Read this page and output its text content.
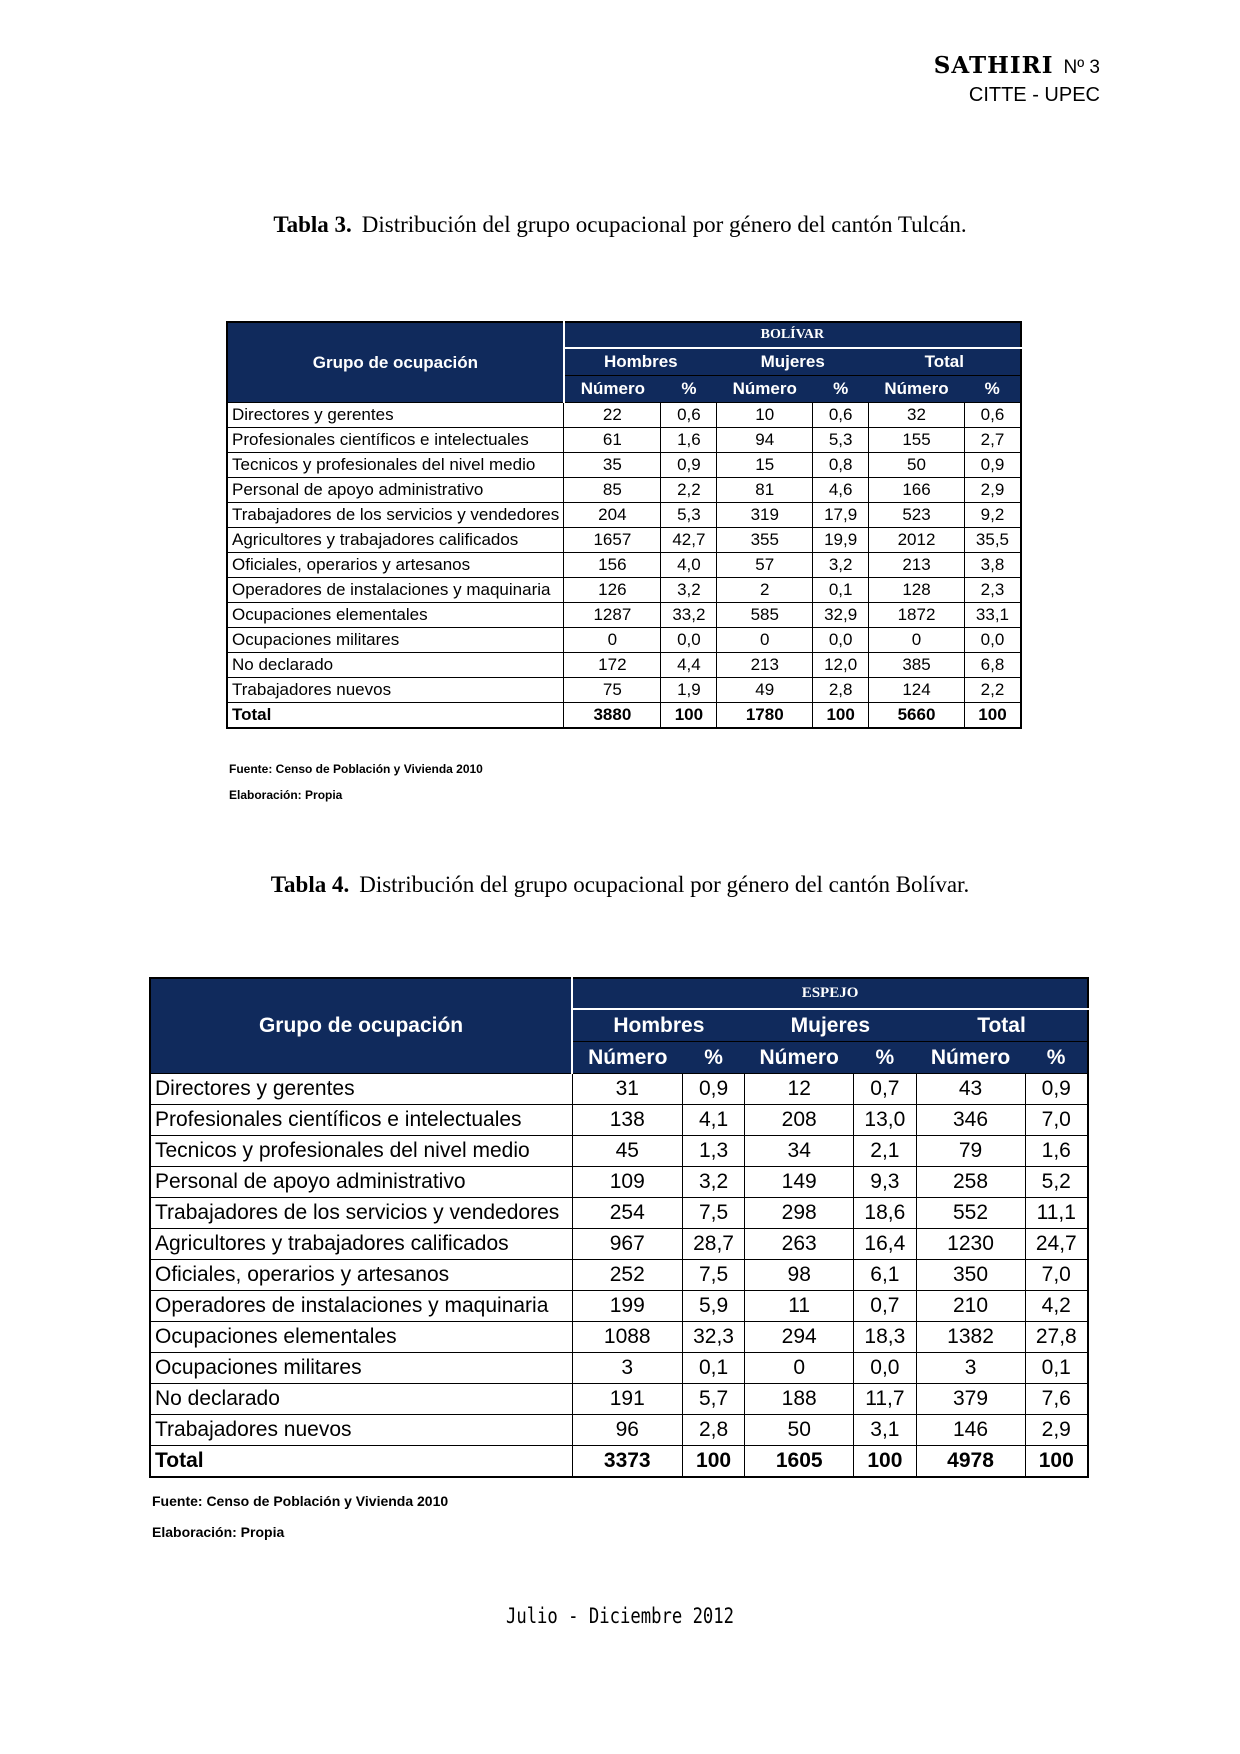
SATHIRI Nº 3
CITTE - UPEC
Tabla 3. Distribución del grupo ocupacional por género del cantón Tulcán.
Grupo de ocupación	BOLÍVAR					
	Hombres		Mujeres		Total	
	Número	%	Número	%	Número	%
Directores y gerentes	22	0,6	10	0,6	32	0,6
Profesionales científicos e intelectuales	61	1,6	94	5,3	155	2,7
Tecnicos y profesionales del nivel medio	35	0,9	15	0,8	50	0,9
Personal de apoyo administrativo	85	2,2	81	4,6	166	2,9
Trabajadores de los servicios y vendedores	204	5,3	319	17,9	523	9,2
Agricultores y trabajadores calificados	1657	42,7	355	19,9	2012	35,5
Oficiales, operarios y artesanos	156	4,0	57	3,2	213	3,8
Operadores de instalaciones y maquinaria	126	3,2	2	0,1	128	2,3
Ocupaciones elementales	1287	33,2	585	32,9	1872	33,1
Ocupaciones militares	0	0,0	0	0,0	0	0,0
No declarado	172	4,4	213	12,0	385	6,8
Trabajadores nuevos	75	1,9	49	2,8	124	2,2
Total	3880	100	1780	100	5660	100
Fuente: Censo de Población y Vivienda 2010
Elaboración: Propia
Tabla 4. Distribución del grupo ocupacional por género del cantón Bolívar.
Grupo de ocupación	ESPEJO					
	Hombres		Mujeres		Total	
	Número	%	Número	%	Número	%
Directores y gerentes	31	0,9	12	0,7	43	0,9
Profesionales científicos e intelectuales	138	4,1	208	13,0	346	7,0
Tecnicos y profesionales del nivel medio	45	1,3	34	2,1	79	1,6
Personal de apoyo administrativo	109	3,2	149	9,3	258	5,2
Trabajadores de los servicios y vendedores	254	7,5	298	18,6	552	11,1
Agricultores y trabajadores calificados	967	28,7	263	16,4	1230	24,7
Oficiales, operarios y artesanos	252	7,5	98	6,1	350	7,0
Operadores de instalaciones y maquinaria	199	5,9	11	0,7	210	4,2
Ocupaciones elementales	1088	32,3	294	18,3	1382	27,8
Ocupaciones militares	3	0,1	0	0,0	3	0,1
No declarado	191	5,7	188	11,7	379	7,6
Trabajadores nuevos	96	2,8	50	3,1	146	2,9
Total	3373	100	1605	100	4978	100
Fuente: Censo de Población y Vivienda 2010
Elaboración: Propia
Julio - Diciembre 2012
